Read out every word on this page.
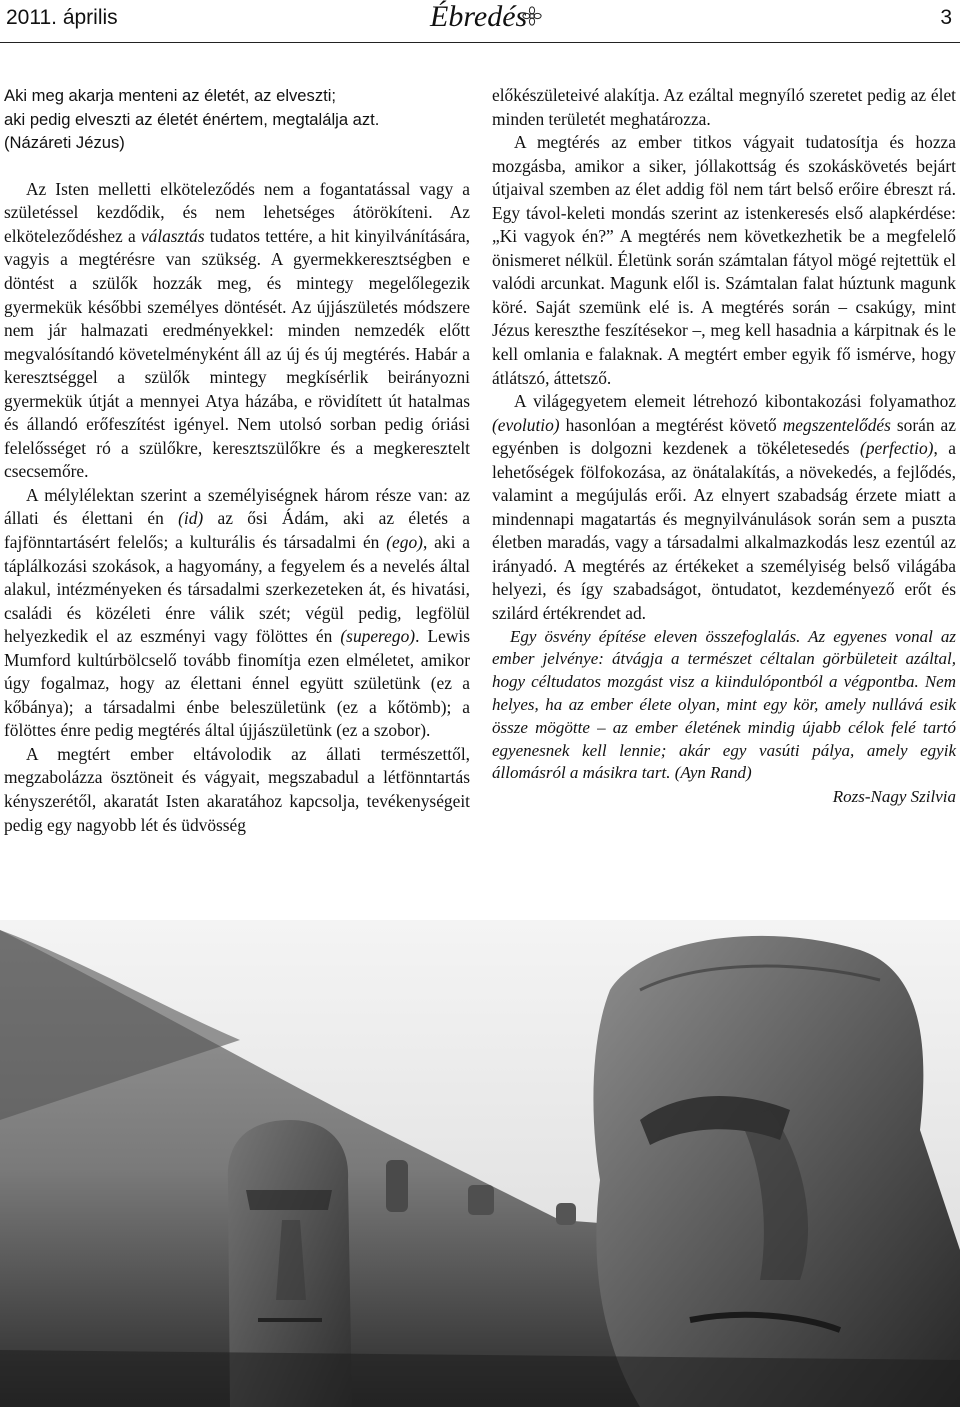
2011. április	Ébredés	3
Aki meg akarja menteni az életét, az elveszti;
aki pedig elveszti az életét énértem, megtalálja azt.
(Názáreti Jézus)

Az Isten melletti elköteleződés nem a fogantatással vagy a születéssel kezdődik, és nem lehetséges átörökíteni. Az elköteleződéshez a választás tudatos tettére, a hit kinyilvánítására, vagyis a megtérésre van szükség. A gyermekkeresztségben e döntést a szülők hozzák meg, és mintegy megelőlegezik gyermekük későbbi személyes döntését. Az újjászületés módszere nem jár halmazati eredményekkel: minden nemzedék előtt megvalósítandó követelményként áll az új és új megtérés. Habár a keresztséggel a szülők mintegy megkísérlik beirányozni gyermekük útját a mennyei Atya házába, e rövidített út hatalmas és állandó erőfeszítést igényel. Nem utolsó sorban pedig óriási felelősséget ró a szülőkre, keresztszülőkre és a megkeresztelt csecsemőre.

A mélylélektan szerint a személyiségnek három része van: az állati és élettani én (id) az ősi Ádám, aki az életés a fajfönntartásért felelős; a kulturális és társadalmi én (ego), aki a táplálkozási szokások, a hagyomány, a fegyelem és a nevelés által alakul, intézményeken és társadalmi szerkezeteken át, és hivatási, családi és közéleti énre válik szét; végül pedig, legfölül helyezkedik el az eszményi vagy fölöttes én (superego). Lewis Mumford kultúrbölcselő tovább finomítja ezen elméletet, amikor úgy fogalmaz, hogy az élettani énnel együtt születünk (ez a kőbánya); a társadalmi énbe beleszületünk (ez a kőtömb); a fölöttes énre pedig megtérés által újjászületünk (ez a szobor).

A megtért ember eltávolodik az állati természettől, megzabolázza ösztöneit és vágyait, megszabadul a létfönntartás kényszerétől, akaratát Isten akaratához kapcsolja, tevékenységeit pedig egy nagyobb lét és üdvösség

előkészületeivé alakítja. Az ezáltal megnyíló szeretet pedig az élet minden területét meghatározza.

A megtérés az ember titkos vágyait tudatosítja és hozza mozgásba, amikor a siker, jóllakottság és szokáskövetés bejárt útjaival szemben az élet addig föl nem tárt belső erőire ébreszt rá. Egy távol-keleti mondás szerint az istenkeresés első alapkérdése: „Ki vagyok én?” A megtérés nem következhetik be a megfelelő önismeret nélkül. Életünk során számtalan fátyol mögé rejtettük el valódi arcunkat. Magunk elől is. Számtalan falat húztunk magunk köré. Saját szemünk elé is. A megtérés során – csakúgy, mint Jézus kereszthe feszítésekor –, meg kell hasadnia a kárpitnak és le kell omlania e falaknak. A megtért ember egyik fő ismérve, hogy átlátszó, áttetsző.

A világegyetem elemeit létrehozó kibontakozási folyamathoz (evolutio) hasonlóan a megtérést követő megszentelődés során az egyénben is dolgozni kezdenek a tökéletesedés (perfectio), a lehetőségek fölfokozása, az önátalakítás, a növekedés, a fejlődés, valamint a megújulás erői. Az elnyert szabadság érzete miatt a mindennapi magatartás és megnyilvánulások során sem a puszta életben maradás, vagy a társadalmi alkalmazkodás lesz ezentúl az irányadó. A megtérés az értékeket a személyiség belső világába helyezi, és így szabadságot, öntudatot, kezdeményező erőt és szilárd értékrendet ad.

Egy ösvény építése eleven összefoglalás. Az egyenes vonal az ember jelvénye: átvágja a természet céltalan görbületeit azáltal, hogy céltudatos mozgást visz a kiindulópontból a végpontba. Nem helyes, ha az ember élete olyan, mint egy kör, amely nullává esik össze mögötte – az ember életének mindig újabb célok felé tartó egyenesnek kell lennie; akár egy vasúti pálya, amely egyik állomásról a másikra tart. (Ayn Rand)

Rozs-Nagy Szilvia
